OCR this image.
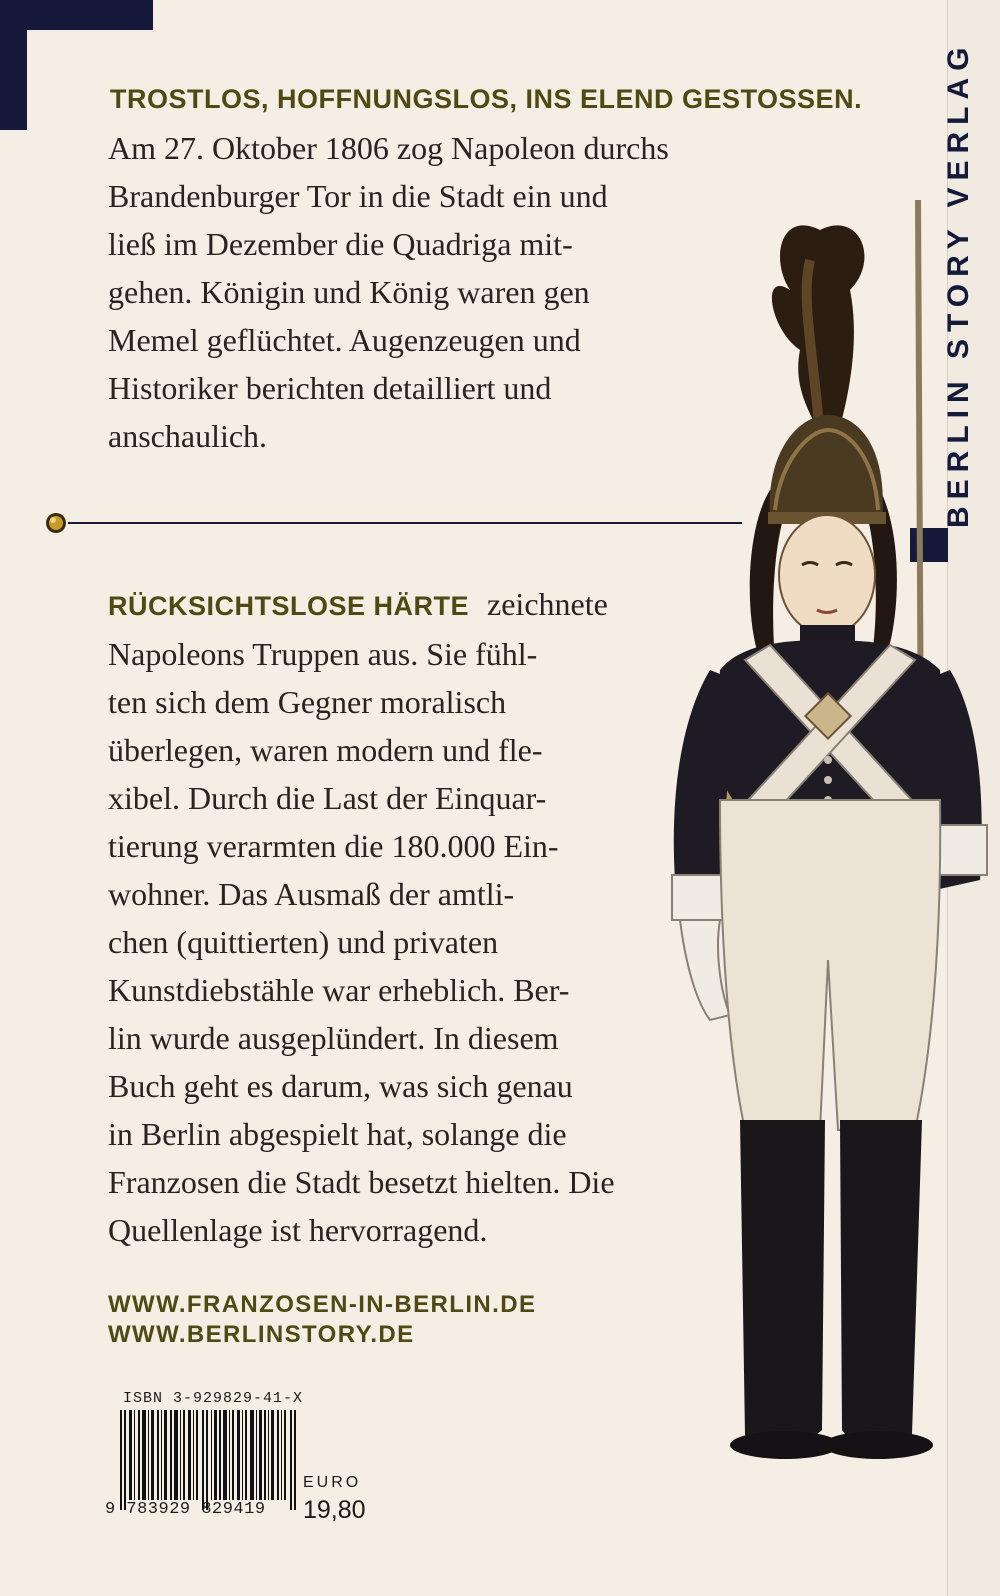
BERLIN STORY VERLAG
TROSTLOS, HOFFNUNGSLOS, INS ELEND GESTOSSEN.
Am 27. Oktober 1806 zog Napoleon durchs
Brandenburger Tor in die Stadt ein und
ließ im Dezember die Quadriga mit-
gehen. Königin und König waren gen
Memel geflüchtet. Augenzeugen und
Historiker berichten detailliert und
anschaulich.
RÜCKSICHTSLOSE HÄRTE zeichnete
Napoleons Truppen aus. Sie fühl-
ten sich dem Gegner moralisch
überlegen, waren modern und fle-
xibel. Durch die Last der Einquar-
tierung verarmten die 180.000 Ein-
wohner. Das Ausmaß der amtli-
chen (quittierten) und privaten
Kunstdiebstähle war erheblich. Ber-
lin wurde ausgeplündert. In diesem
Buch geht es darum, was sich genau
in Berlin abgespielt hat, solange die
Franzosen die Stadt besetzt hielten. Die
Quellenlage ist hervorragend.
WWW.FRANZOSEN-IN-BERLIN.DE
WWW.BERLINSTORY.DE
ISBN 3-929829-41-X
9 783929 829419
EURO
19,80
